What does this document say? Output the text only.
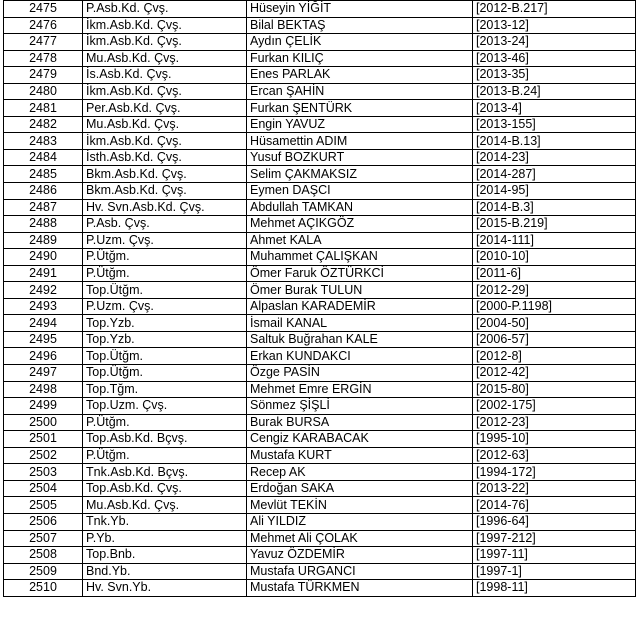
2475	P.Asb.Kd. Çvş.	Hüseyin YİĞİT	[2012-B.217]
2476	İkm.Asb.Kd. Çvş.	Bilal BEKTAŞ	[2013-12]
2477	İkm.Asb.Kd. Çvş.	Aydın ÇELİK	[2013-24]
2478	Mu.Asb.Kd. Çvş.	Furkan KILIÇ	[2013-46]
2479	İs.Asb.Kd. Çvş.	Enes PARLAK	[2013-35]
2480	İkm.Asb.Kd. Çvş.	Ercan ŞAHİN	[2013-B.24]
2481	Per.Asb.Kd. Çvş.	Furkan ŞENTÜRK	[2013-4]
2482	Mu.Asb.Kd. Çvş.	Engin YAVUZ	[2013-155]
2483	İkm.Asb.Kd. Çvş.	Hüsamettin ADIM	[2014-B.13]
2484	İsth.Asb.Kd. Çvş.	Yusuf BOZKURT	[2014-23]
2485	Bkm.Asb.Kd. Çvş.	Selim ÇAKMAKSIZ	[2014-287]
2486	Bkm.Asb.Kd. Çvş.	Eymen DAŞCI	[2014-95]
2487	Hv. Svn.Asb.Kd. Çvş.	Abdullah TAMKAN	[2014-B.3]
2488	P.Asb. Çvş.	Mehmet AÇIKGÖZ	[2015-B.219]
2489	P.Uzm. Çvş.	Ahmet KALA	[2014-111]
2490	P.Ütğm.	Muhammet ÇALIŞKAN	[2010-10]
2491	P.Ütğm.	Ömer Faruk ÖZTÜRKCİ	[2011-6]
2492	Top.Ütğm.	Ömer Burak TULUN	[2012-29]
2493	P.Uzm. Çvş.	Alpaslan KARADEMİR	[2000-P.1198]
2494	Top.Yzb.	İsmail KANAL	[2004-50]
2495	Top.Yzb.	Saltuk Buğrahan KALE	[2006-57]
2496	Top.Ütğm.	Erkan KUNDAKCI	[2012-8]
2497	Top.Ütğm.	Özge PASİN	[2012-42]
2498	Top.Tğm.	Mehmet Emre ERGİN	[2015-80]
2499	Top.Uzm. Çvş.	Sönmez ŞİŞLİ	[2002-175]
2500	P.Ütğm.	Burak BURSA	[2012-23]
2501	Top.Asb.Kd. Bçvş.	Cengiz KARABACAK	[1995-10]
2502	P.Ütğm.	Mustafa KURT	[2012-63]
2503	Tnk.Asb.Kd. Bçvş.	Recep AK	[1994-172]
2504	Top.Asb.Kd. Çvş.	Erdoğan SAKA	[2013-22]
2505	Mu.Asb.Kd. Çvş.	Mevlüt TEKİN	[2014-76]
2506	Tnk.Yb.	Ali YILDIZ	[1996-64]
2507	P.Yb.	Mehmet Ali ÇOLAK	[1997-212]
2508	Top.Bnb.	Yavuz ÖZDEMİR	[1997-11]
2509	Bnd.Yb.	Mustafa URGANCI	[1997-1]
2510	Hv. Svn.Yb.	Mustafa TÜRKMEN	[1998-11]
